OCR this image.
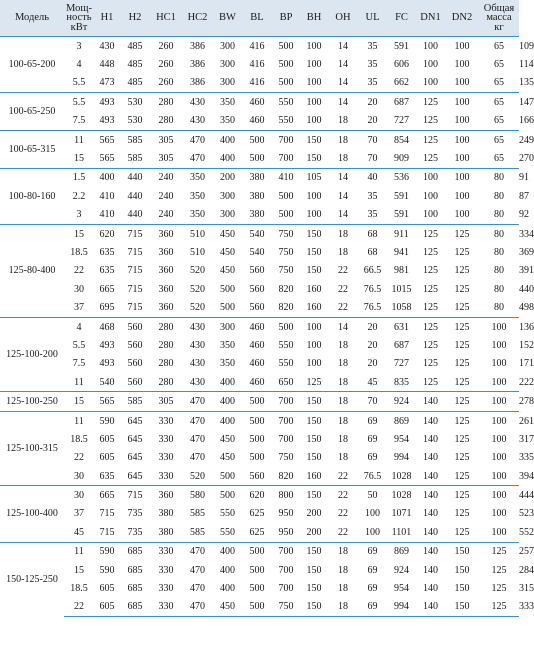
Модель	Мощ-
ность
кВт	H1	H2	HC1	HC2	BW	BL	BP	BH	OH	UL	FC	DN1	DN2	Общая
масса
кг	
100-65-200	3	430	485	260	386	300	416	500	100	14	35	591	100	100	65	109
	4	448	485	260	386	300	416	500	100	14	35	606	100	100	65	114
	5.5	473	485	260	386	300	416	500	100	14	35	662	100	100	65	135
100-65-250	5.5	493	530	280	430	350	460	550	100	14	20	687	125	100	65	147
	7.5	493	530	280	430	350	460	550	100	18	20	727	125	100	65	166
100-65-315	11	565	585	305	470	400	500	700	150	18	70	854	125	100	65	249
	15	565	585	305	470	400	500	700	150	18	70	909	125	100	65	270
100-80-160	1.5	400	440	240	350	200	380	410	105	14	40	536	100	100	80	91
	2.2	410	440	240	350	300	380	500	100	14	35	591	100	100	80	87
	3	410	440	240	350	300	380	500	100	14	35	591	100	100	80	92
125-80-400	15	620	715	360	510	450	540	750	150	18	68	911	125	125	80	334
	18.5	635	715	360	510	450	540	750	150	18	68	941	125	125	80	369
	22	635	715	360	520	450	560	750	150	22	66.5	981	125	125	80	391
	30	665	715	360	520	500	560	820	160	22	76.5	1015	125	125	80	440
	37	695	715	360	520	500	560	820	160	22	76.5	1058	125	125	80	498
125-100-200	4	468	560	280	430	300	460	500	100	14	20	631	125	125	100	136
	5.5	493	560	280	430	350	460	550	100	18	20	687	125	125	100	152
	7.5	493	560	280	430	350	460	550	100	18	20	727	125	125	100	171
	11	540	560	280	430	400	460	650	125	18	45	835	125	125	100	222
125-100-250	15	565	585	305	470	400	500	700	150	18	70	924	140	125	100	278
125-100-315	11	590	645	330	470	400	500	700	150	18	69	869	140	125	100	261
	18.5	605	645	330	470	450	500	700	150	18	69	954	140	125	100	317
	22	605	645	330	470	450	500	750	150	18	69	994	140	125	100	335
	30	635	645	330	520	500	560	820	160	22	76.5	1028	140	125	100	394
125-100-400	30	665	715	360	580	500	620	800	150	22	50	1028	140	125	100	444
	37	715	735	380	585	550	625	950	200	22	100	1071	140	125	100	523
	45	715	735	380	585	550	625	950	200	22	100	1101	140	125	100	552
150-125-250	11	590	685	330	470	400	500	700	150	18	69	869	140	150	125	257
	15	590	685	330	470	400	500	700	150	18	69	924	140	150	125	284
	18.5	605	685	330	470	400	500	700	150	18	69	954	140	150	125	315
	22	605	685	330	470	450	500	750	150	18	69	994	140	150	125	333
